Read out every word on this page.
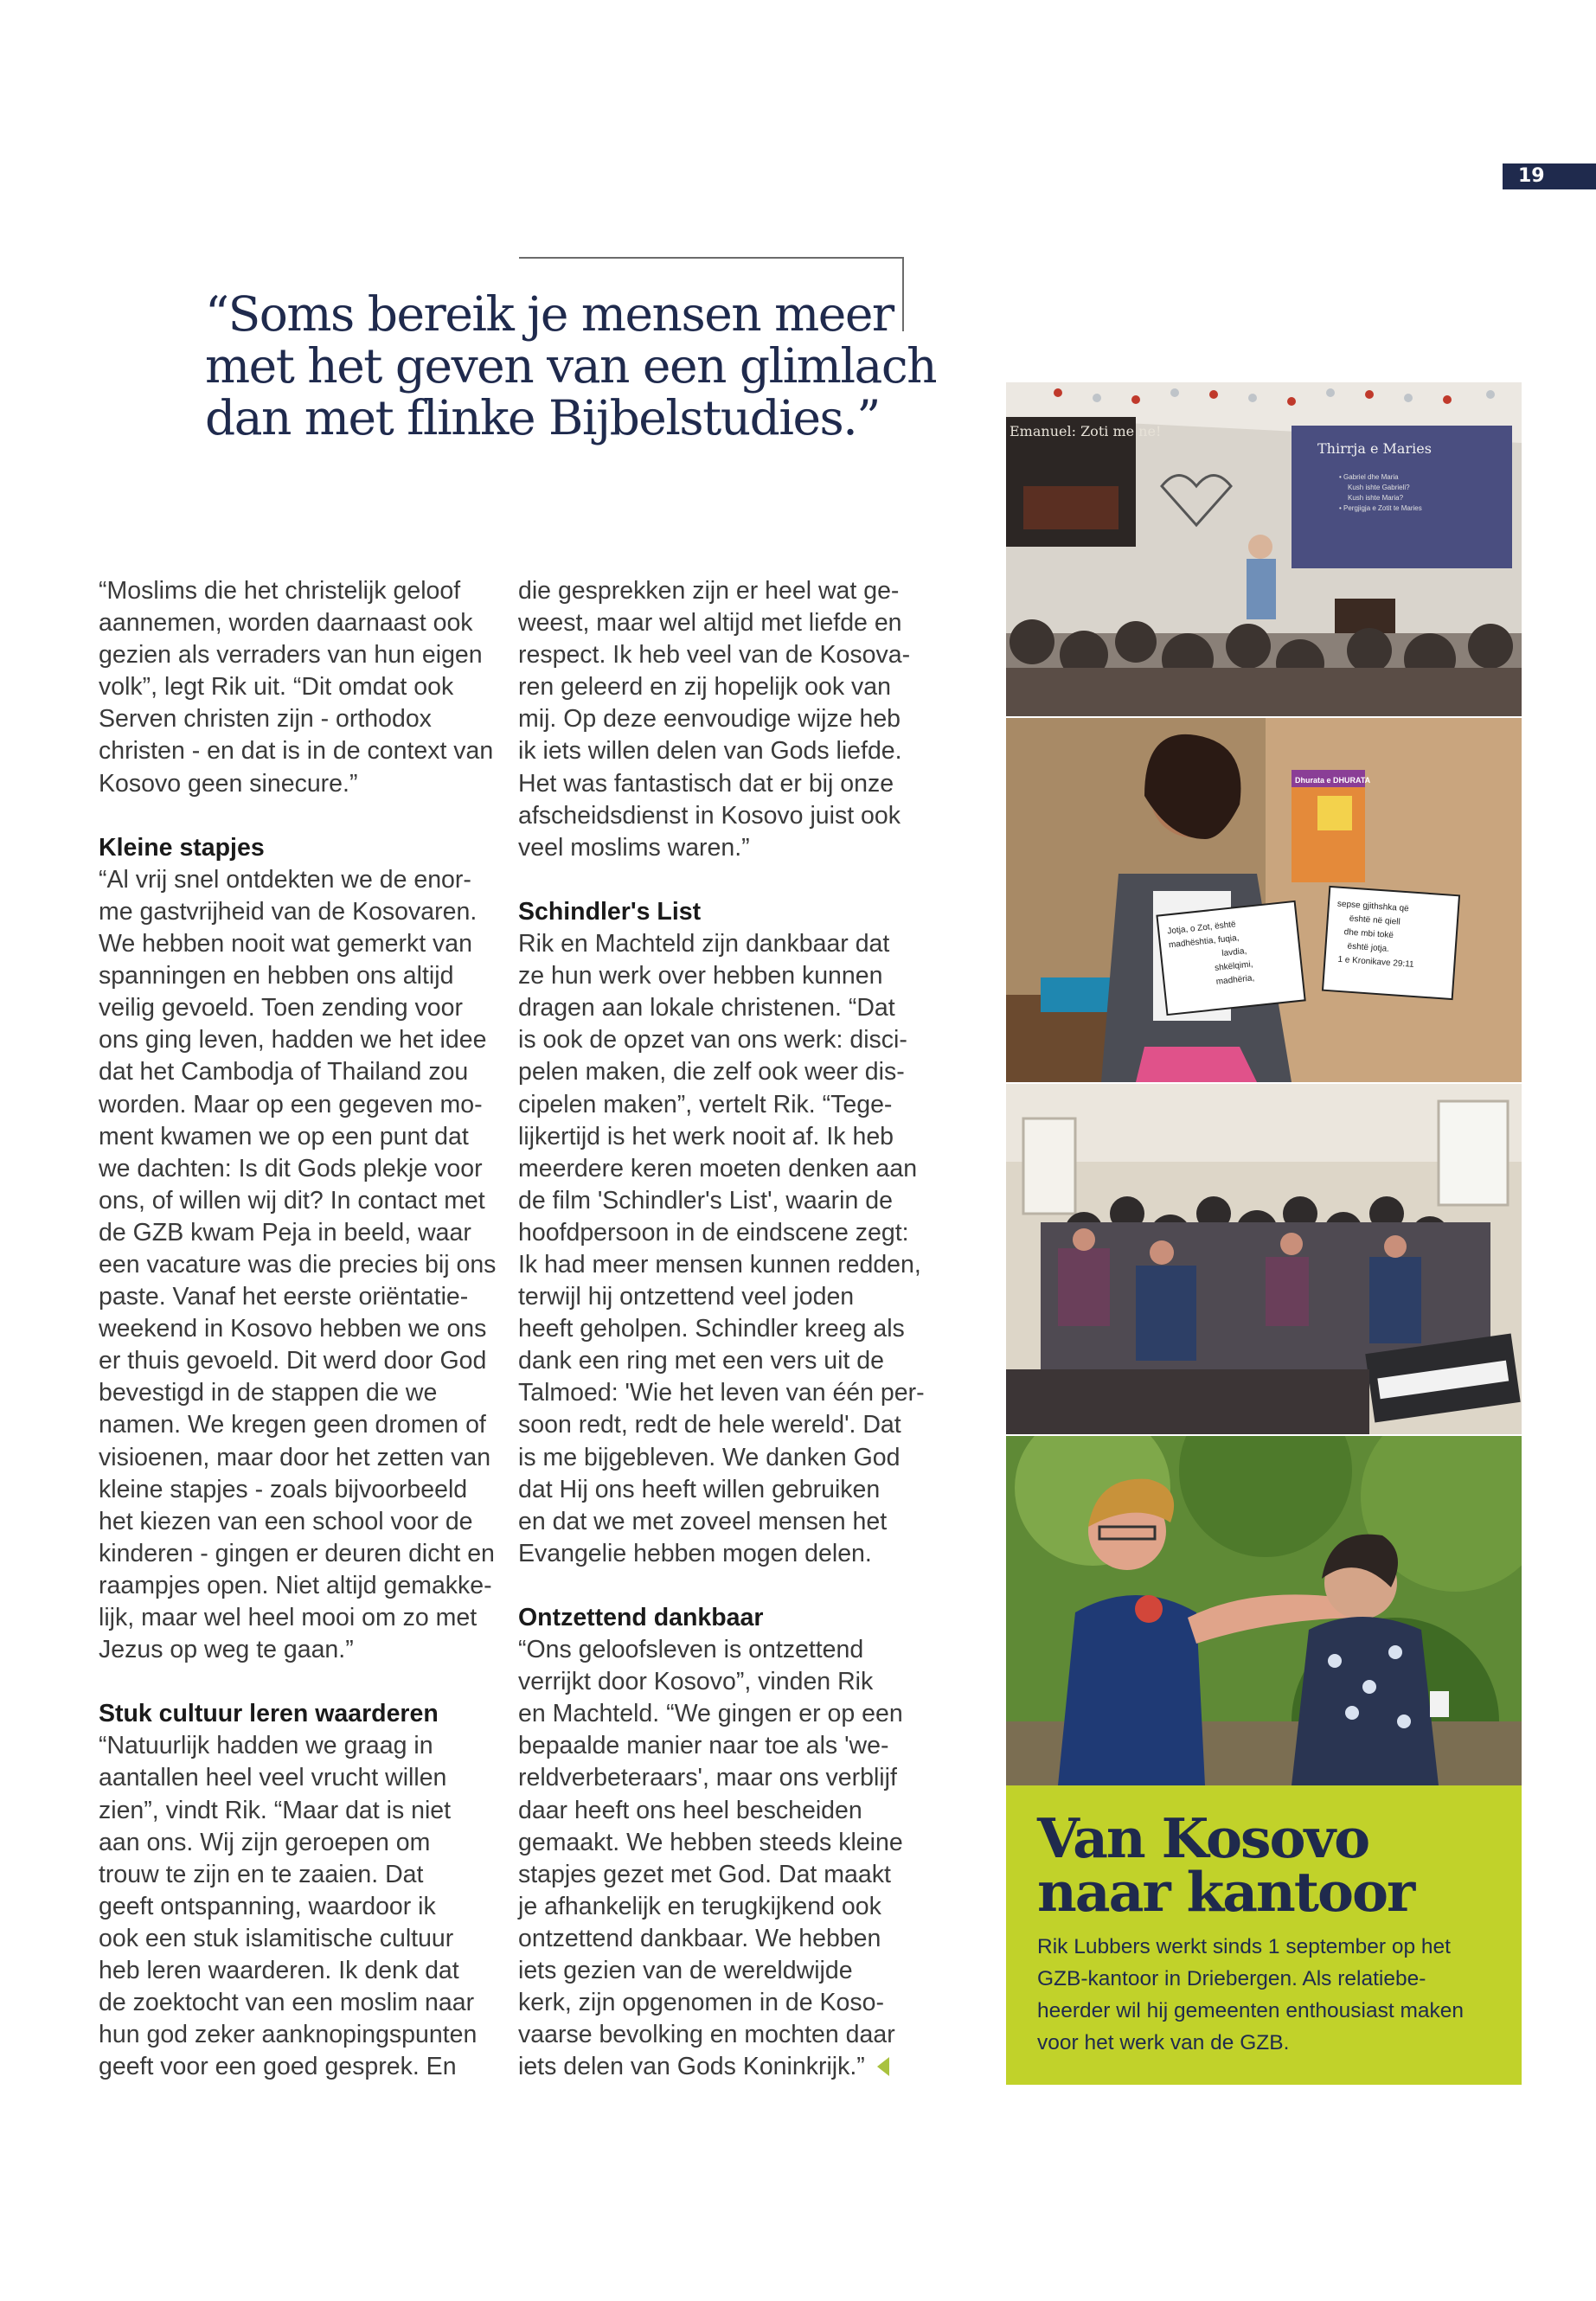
19
“Soms bereik je mensen meer
met het geven van een glimlach
dan met flinke Bijbelstudies.”
“Moslims die het christelijk geloof
aannemen, worden daarnaast ook
gezien als verraders van hun eigen
volk”, legt Rik uit. “Dit omdat ook
Serven christen zijn - orthodox
christen - en dat is in de context van
Kosovo geen sinecure.”
Kleine stapjes
“Al vrij snel ontdekten we de enor-
me gastvrijheid van de Kosovaren.
We hebben nooit wat gemerkt van
spanningen en hebben ons altijd
veilig gevoeld. Toen zending voor
ons ging leven, hadden we het idee
dat het Cambodja of Thailand zou
worden. Maar op een gegeven mo-
ment kwamen we op een punt dat
we dachten: Is dit Gods plekje voor
ons, of willen wij dit? In contact met
de GZB kwam Peja in beeld, waar
een vacature was die precies bij ons
paste. Vanaf het eerste oriëntatie-
weekend in Kosovo hebben we ons
er thuis gevoeld. Dit werd door God
bevestigd in de stappen die we
namen. We kregen geen dromen of
visioenen, maar door het zetten van
kleine stapjes - zoals bijvoorbeeld
het kiezen van een school voor de
kinderen - gingen er deuren dicht en
raampjes open. Niet altijd gemakke-
lijk, maar wel heel mooi om zo met
Jezus op weg te gaan.”
Stuk cultuur leren waarderen
“Natuurlijk hadden we graag in
aantallen heel veel vrucht willen
zien”, vindt Rik. “Maar dat is niet
aan ons. Wij zijn geroepen om
trouw te zijn en te zaaien. Dat
geeft ontspanning, waardoor ik
ook een stuk islamitische cultuur
heb leren waarderen. Ik denk dat
de zoektocht van een moslim naar
hun god zeker aanknopingspunten
geeft voor een goed gesprek. En
die gesprekken zijn er heel wat ge-
weest, maar wel altijd met liefde en
respect. Ik heb veel van de Kosova-
ren geleerd en zij hopelijk ook van
mij. Op deze eenvoudige wijze heb
ik iets willen delen van Gods liefde.
Het was fantastisch dat er bij onze
afscheidsdienst in Kosovo juist ook
veel moslims waren.”
Schindler's List
Rik en Machteld zijn dankbaar dat
ze hun werk over hebben kunnen
dragen aan lokale christenen. “Dat
is ook de opzet van ons werk: disci-
pelen maken, die zelf ook weer dis-
cipelen maken”, vertelt Rik. “Tege-
lijkertijd is het werk nooit af. Ik heb
meerdere keren moeten denken aan
de film 'Schindler's List', waarin de
hoofdpersoon in de eindscene zegt:
Ik had meer mensen kunnen redden,
terwijl hij ontzettend veel joden
heeft geholpen. Schindler kreeg als
dank een ring met een vers uit de
Talmoed: 'Wie het leven van één per-
soon redt, redt de hele wereld'. Dat
is me bijgebleven. We danken God
dat Hij ons heeft willen gebruiken
en dat we met zoveel mensen het
Evangelie hebben mogen delen.
Ontzettend dankbaar
“Ons geloofsleven is ontzettend
verrijkt door Kosovo”, vinden Rik
en Machteld. “We gingen er op een
bepaalde manier naar toe als 'we-
reldverbeteraars', maar ons verblijf
daar heeft ons heel bescheiden
gemaakt. We hebben steeds kleine
stapjes gezet met God. Dat maakt
je afhankelijk en terugkijkend ook
ontzettend dankbaar. We hebben
iets gezien van de wereldwijde
kerk, zijn opgenomen in de Koso-
vaarse bevolking en mochten daar
iets delen van Gods Koninkrijk.”
Emanuel: Zoti me ne!
Thirrja e Maries
• Gabriel dhe Maria
Kush ishte Gabrieli?
Kush ishte Maria?
• Pergjigja e Zotit te Maries
Dhurata e DHURATA
Jotja, o Zot, është madhështia, fuqia, lavdia, shkëlqimi, madhëria,
sepse gjithshka që është në qiell dhe mbi tokë është jotja. 1 e Kronikave 29:11
Van Kosovo
naar kantoor
Rik Lubbers werkt sinds 1 september op het
GZB-kantoor in Driebergen. Als relatiebe-
heerder wil hij gemeenten enthousiast maken
voor het werk van de GZB.
